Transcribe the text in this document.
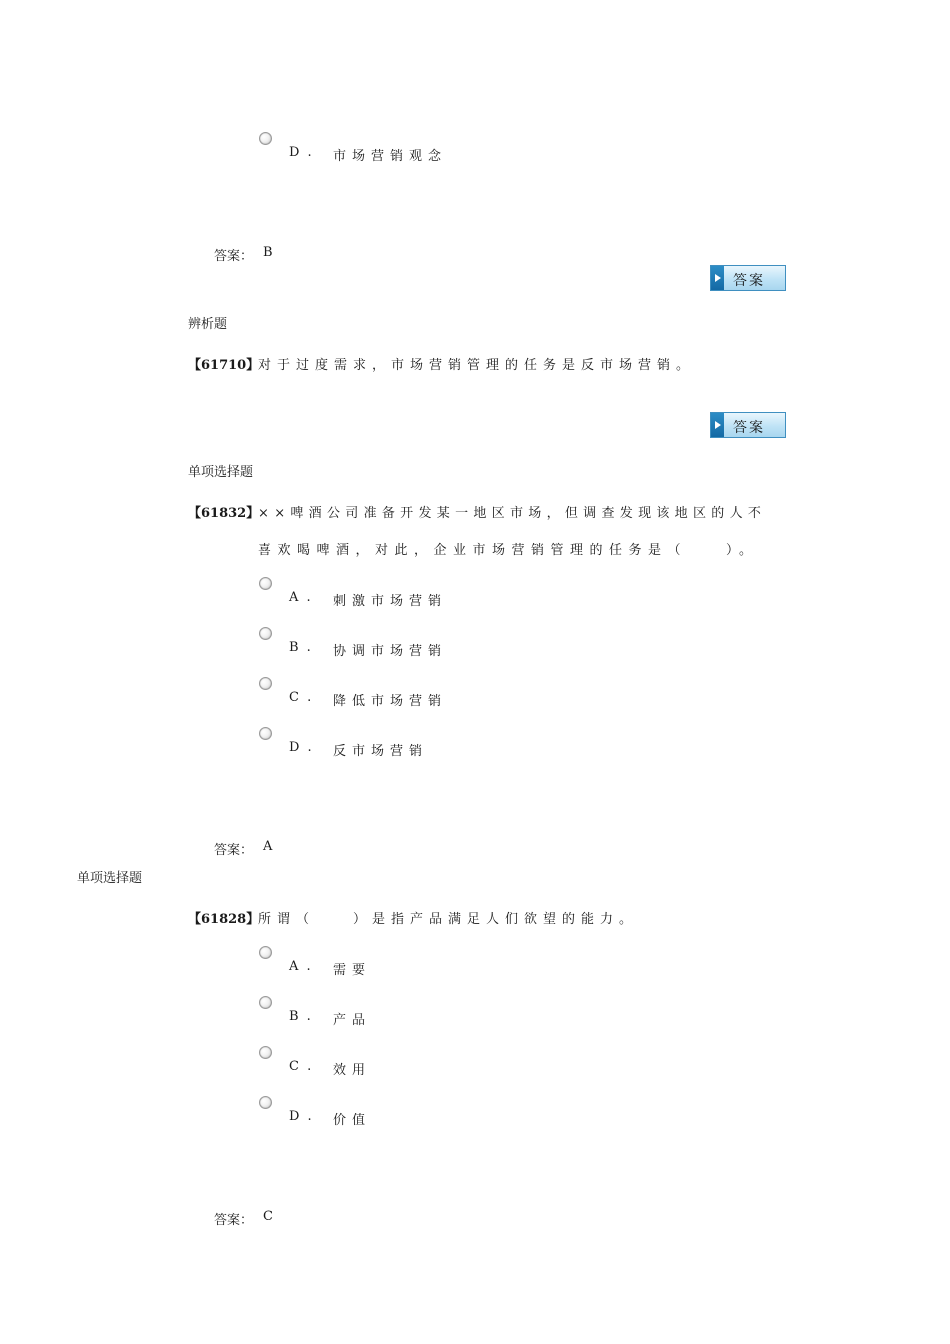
D . 市场营销观念
答案： B
答案
辨析题
【61710】
对于过度需求，市场营销管理的任务是反市场营销。
答案
单项选择题
【61832】
××啤酒公司准备开发某一地区市场，但调查发现该地区的人不
喜欢喝啤酒，对此，企业市场营销管理的任务是（　　）。
A . 刺激市场营销
B . 协调市场营销
C . 降低市场营销
D . 反市场营销
答案： A
单项选择题
【61828】
所谓（　　）是指产品满足人们欲望的能力。
A . 需要
B . 产品
C . 效用
D . 价值
答案： C
